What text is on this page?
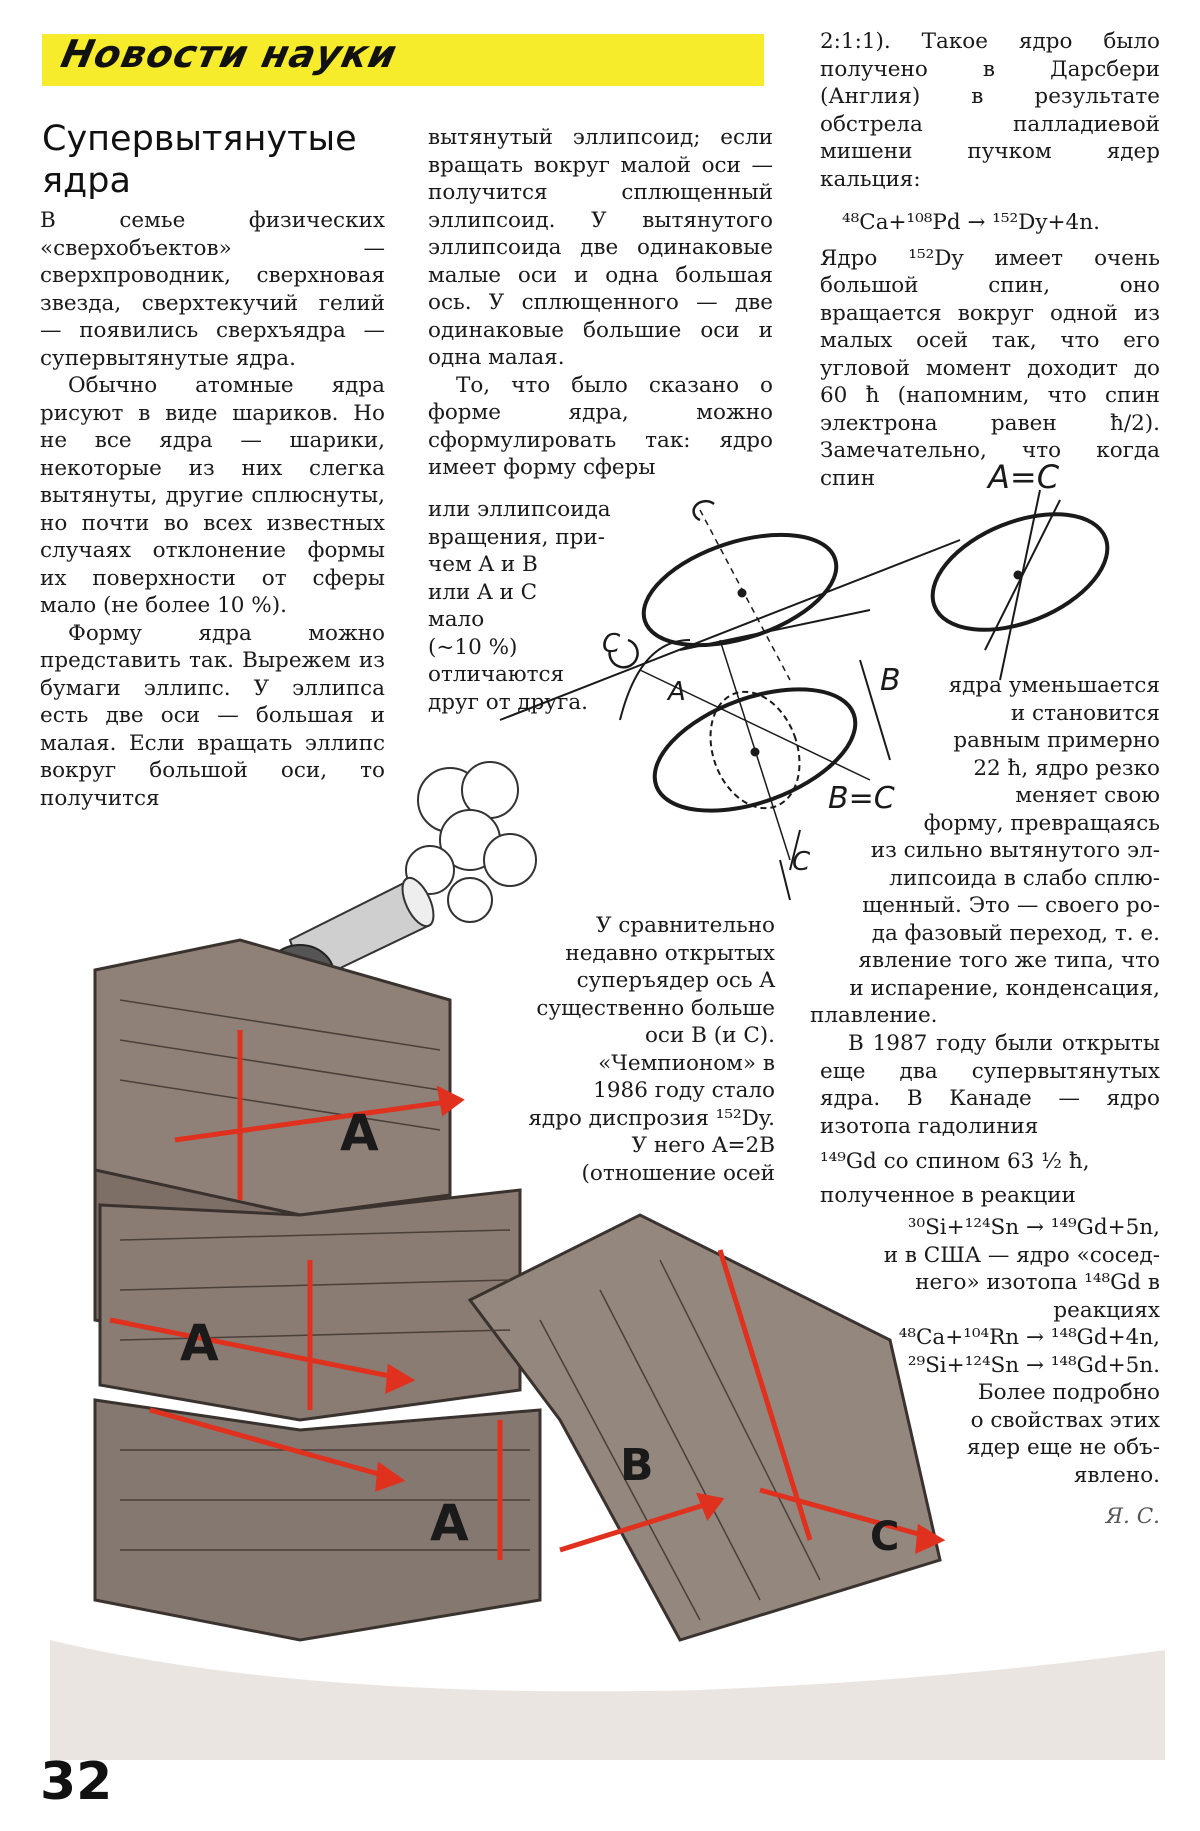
Новости науки
Супервытянутые ядра

В семье физических «сверхобъектов» — сверхпроводник, сверхновая звезда, сверхтекучий гелий — появились сверхъядра — супервытянутые ядра.

Обычно атомные ядра рисуют в виде шариков. Но не все ядра — шарики, некоторые из них слегка вытянуты, другие сплюснуты, но почти во всех известных случаях отклонение формы их поверхности от сферы мало (не более 10 %).

Форму ядра можно представить так. Вырежем из бумаги эллипс. У эллипса есть две оси — большая и малая. Если вращать эллипс вокруг большой оси, то получится

вытянутый эллипсоид; если вращать вокруг малой оси — получится сплющенный эллипсоид. У вытянутого эллипсоида две одинаковые малые оси и одна большая ось. У сплющенного — две одинаковые большие оси и одна малая.

То, что было сказано о форме ядра, можно сформулировать так: ядро имеет форму сферы

или эллипсоида

вращения, при-

чем A и B

или A и C

мало

(~10 %)

отличаются

друг от друга.

У сравнительно

недавно открытых

суперъядер ось A

существенно больше

оси B (и C).

«Чемпионом» в

1986 году стало

ядро диспрозия ¹⁵²Dy.

У него A=2B

(отношение осей

2:1:1). Такое ядро было получено в Дарсбери (Англия) в результате обстрела палладиевой мишени пучком ядер кальция:

⁴⁸Ca+¹⁰⁸Pd → ¹⁵²Dy+4n.

Ядро ¹⁵²Dy имеет очень большой спин, оно вращается вокруг одной из малых осей так, что его угловой момент доходит до 60 ħ (напомним, что спин электрона равен ħ/2). Замечательно, что когда спин

ядра уменьшается

и становится

равным примерно

22 ħ, ядро резко

меняет свою

форму, превращаясь

из сильно вытянутого эл-

липсоида в слабо сплю-

щенный. Это — своего ро-

да фазовый переход, т. е.

явление того же типа, что

и испарение, конденсация,

плавление.

В 1987 году были открыты еще два супервытянутых ядра. В Канаде — ядро изотопа гадолиния

¹⁴⁹Gd со спином 63 ½ ħ,

полученное в реакции

³⁰Si+¹²⁴Sn → ¹⁴⁹Gd+5n,

и в США — ядро «сосед-

него» изотопа ¹⁴⁸Gd в

реакциях

⁴⁸Ca+¹⁰⁴Rn → ¹⁴⁸Gd+4n,

²⁹Si+¹²⁴Sn → ¹⁴⁸Gd+5n.

Более подробно

о свойствах этих

ядер еще не объ-

явлено.

Я. С.

A=C
A	B
B=C
C
C
A
A
A
B
C
32
